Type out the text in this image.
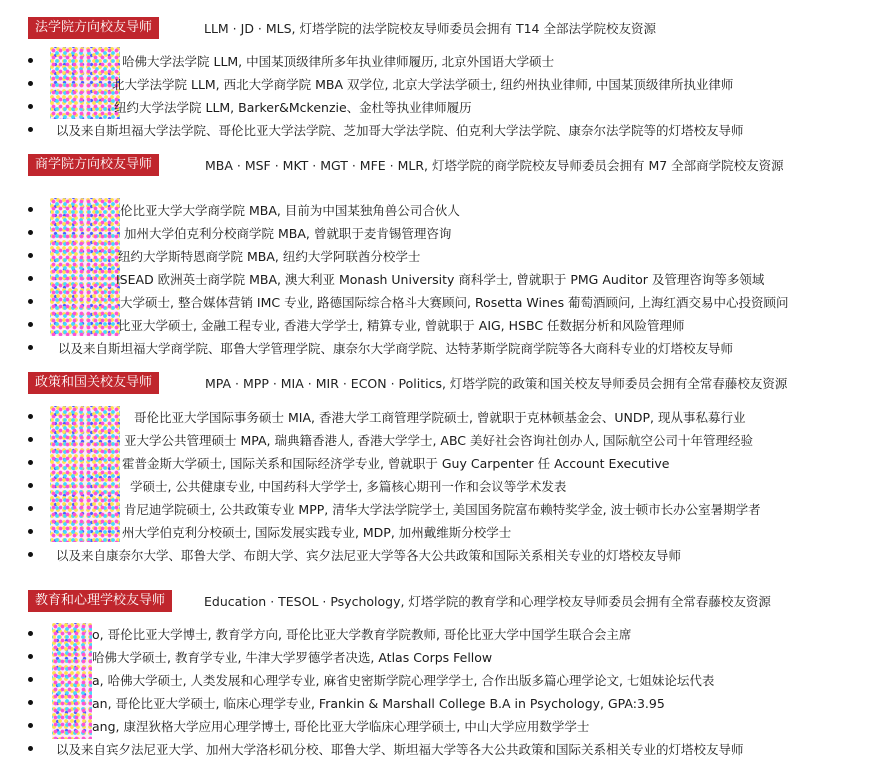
法学院方向校友导师	LLM · JD · MLS, 灯塔学院的法学院校友导师委员会拥有 T14 全部法学院校友资源
哈佛大学法学院 LLM, 中国某顶级律所多年执业律师履历, 北京外国语大学硕士
北大学法学院 LLM, 西北大学商学院 MBA 双学位, 北京大学法学硕士, 纽约州执业律师, 中国某顶级律所执业律师
纽约大学法学院 LLM, Barker&Mckenzie、金杜等执业律师履历
以及来自斯坦福大学法学院、哥伦比亚大学法学院、芝加哥大学法学院、伯克利大学法学院、康奈尔法学院等的灯塔校友导师
商学院方向校友导师	MBA · MSF · MKT · MGT · MFE · MLR, 灯塔学院的商学院校友导师委员会拥有 M7 全部商学院校友资源
伦比亚大学大学商学院 MBA, 目前为中国某独角兽公司合伙人
加州大学伯克利分校商学院 MBA, 曾就职于麦肯锡管理咨询
纽约大学斯特恩商学院 MBA, 纽约大学阿联酋分校学士
ISEAD 欧洲英士商学院 MBA, 澳大利亚 Monash University 商科学士, 曾就职于 PMG Auditor 及管理咨询等多领域
大学硕士, 整合媒体营销 IMC 专业, 路德国际综合格斗大赛顾问, Rosetta Wines 葡萄酒顾问, 上海红酒交易中心投资顾问
比亚大学硕士, 金融工程专业, 香港大学学士, 精算专业, 曾就职于 AIG, HSBC 任数据分析和风险管理师
以及来自斯坦福大学商学院、耶鲁大学管理学院、康奈尔大学商学院、达特茅斯学院商学院等各大商科专业的灯塔校友导师
政策和国关校友导师	MPA · MPP · MIA · MIR · ECON · Politics, 灯塔学院的政策和国关校友导师委员会拥有全常春藤校友资源
哥伦比亚大学国际事务硕士 MIA, 香港大学工商管理学院硕士, 曾就职于克林顿基金会、UNDP, 现从事私募行业
亚大学公共管理硕士 MPA, 瑞典籍香港人, 香港大学学士, ABC 美好社会咨询社创办人, 国际航空公司十年管理经验
霍普金斯大学硕士, 国际关系和国际经济学专业, 曾就职于 Guy Carpenter 任 Account Executive
学硕士, 公共健康专业, 中国药科大学学士, 多篇核心期刊一作和会议等学术发表
肯尼迪学院硕士, 公共政策专业 MPP, 清华大学法学院学士, 美国国务院富布赖特奖学金, 波士顿市长办公室暑期学者
州大学伯克利分校硕士, 国际发展实践专业, MDP, 加州戴维斯分校学士
以及来自康奈尔大学、耶鲁大学、布朗大学、宾夕法尼亚大学等各大公共政策和国际关系相关专业的灯塔校友导师
教育和心理学校友导师	Education · TESOL · Psychology, 灯塔学院的教育学和心理学校友导师委员会拥有全常春藤校友资源
o, 哥伦比亚大学博士, 教育学方向, 哥伦比亚大学教育学院教师, 哥伦比亚大学中国学生联合会主席
哈佛大学硕士, 教育学专业, 牛津大学罗德学者决选, Atlas Corps Fellow
a, 哈佛大学硕士, 人类发展和心理学专业, 麻省史密斯学院心理学学士, 合作出版多篇心理学论文, 七姐妹论坛代表
an, 哥伦比亚大学硕士, 临床心理学专业, Frankin & Marshall College B.A in Psychology, GPA:3.95
ang, 康涅狄格大学应用心理学博士, 哥伦比亚大学临床心理学硕士, 中山大学应用数学学士
以及来自宾夕法尼亚大学、加州大学洛杉矶分校、耶鲁大学、斯坦福大学等各大公共政策和国际关系相关专业的灯塔校友导师
